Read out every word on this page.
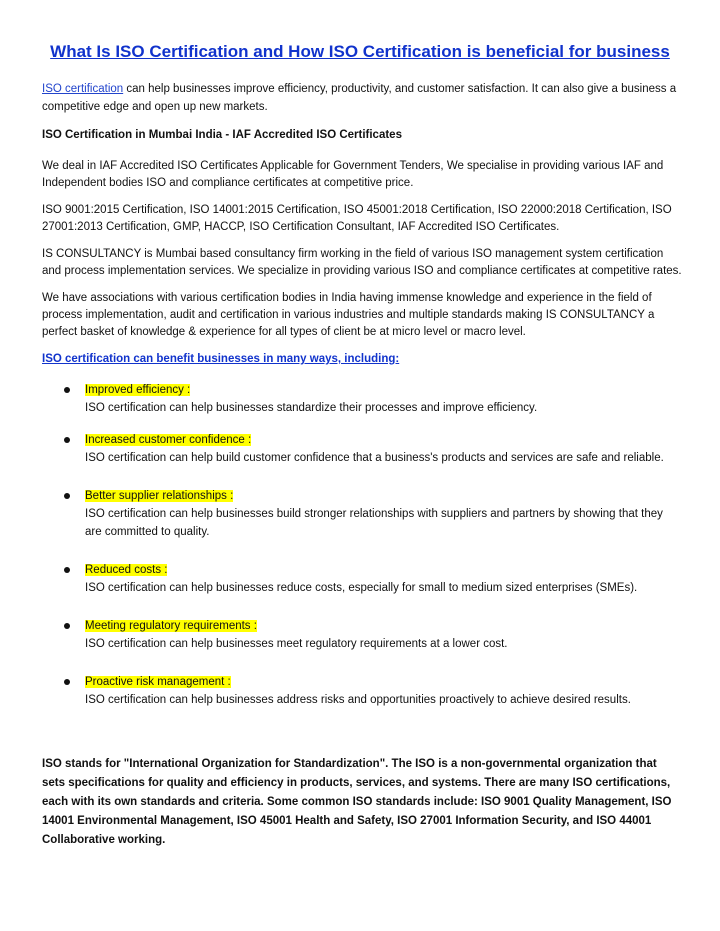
What Is ISO Certification and How ISO Certification is beneficial for business

ISO certification can help businesses improve efficiency, productivity, and customer satisfaction. It can also give a business a competitive edge and open up new markets.

ISO Certification in Mumbai India - IAF Accredited ISO Certificates

We deal in IAF Accredited ISO Certificates Applicable for Government Tenders, We specialise in providing various IAF and Independent bodies ISO and compliance certificates at competitive price.

ISO 9001:2015 Certification, ISO 14001:2015 Certification, ISO 45001:2018 Certification, ISO 22000:2018 Certification, ISO 27001:2013 Certification, GMP, HACCP, ISO Certification Consultant, IAF Accredited ISO Certificates.

IS CONSULTANCY is Mumbai based consultancy firm working in the field of various ISO management system certification and process implementation services. We specialize in providing various ISO and compliance certificates at competitive rates.

We have associations with various certification bodies in India having immense knowledge and experience in the field of process implementation, audit and certification in various industries and multiple standards making IS CONSULTANCY a perfect basket of knowledge & experience for all types of client be at micro level or macro level.

ISO certification can benefit businesses in many ways, including:

Improved efficiency :
ISO certification can help businesses standardize their processes and improve efficiency.
Increased customer confidence :
ISO certification can help build customer confidence that a business's products and services are safe and reliable.
Better supplier relationships :
ISO certification can help businesses build stronger relationships with suppliers and partners by showing that they are committed to quality.
Reduced costs :
ISO certification can help businesses reduce costs, especially for small to medium sized enterprises (SMEs).
Meeting regulatory requirements :
ISO certification can help businesses meet regulatory requirements at a lower cost.
Proactive risk management :
ISO certification can help businesses address risks and opportunities proactively to achieve desired results.

ISO stands for "International Organization for Standardization". The ISO is a non-governmental organization that sets specifications for quality and efficiency in products, services, and systems. There are many ISO certifications, each with its own standards and criteria. Some common ISO standards include: ISO 9001 Quality Management, ISO 14001 Environmental Management, ISO 45001 Health and Safety, ISO 27001 Information Security, and ISO 44001 Collaborative working.
